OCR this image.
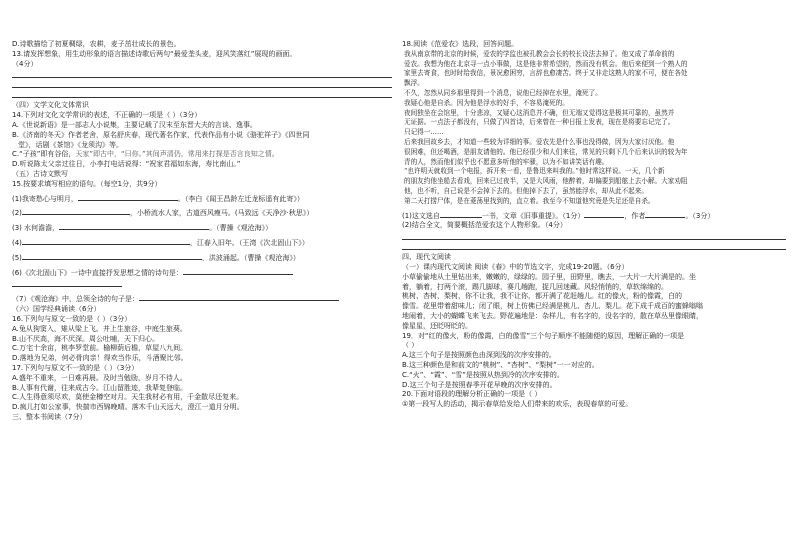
D.诗歌描绘了初夏稠绿，农耕，麦子茁壮成长的景色。
13.请发挥想象，用生动形象的语言描述诗歌后两句“最爱垄头麦，迎风笑落红”展现的画面。
（4分）
（四）文学文化文体常识
14.下列对文化文学常识的表述，不正确的一项是（ ）（3分）
A.《世说新语》是一部志人小说集，主要记载了汉末至东晋大夫的言谈、逸事。
B.《济南的冬天》作者老舍，原名舒庆春，现代著名作家，代表作品有小说《骆驼祥子》《四世同
堂》，话剧《茶馆》《龙须沟》等。
C.“子孩”即有谷俗，天家”即古中，“曰你。”其间声清仍，常用来打探是否言良知之情。
D.听说陈太父亲过往日，小李打电话说得：“祝家君福如东海，寿比南山。”
（五）古诗文默写
15.按要求填写相应的语句。（每空1分，共9分）
(1)我寄愁心与明月，	。（李白《闻王昌龄左迁龙标遥有此寄》）
(2)	，小桥流水人家，古道西风瘦马。(马致远《天净沙·秋思》）
(3) 水何澹澹，	。（曹操《观沧海》）
(4)	，江春入旧年。（王湾《次北固山下》）
(5)	，洪波涌起。（曹操《观沧海》）
(6)《次北固山下》一诗中直接抒发思想之情的诗句是：
（7）《观沧海》中，总领全诗的句子是：
（六）国学经典诵读（6分）
16.下列句与原文一致的是（ ）（3分）
A.兔从狗窦入，雉从梁上飞。井上生旅谷，中庭生旅葵。
B.山不厌高，海不厌深。周公吐哺，天下归心。
C.万宅十余亩，桃李罗堂前。榆柳荫后檐，草屋八九间。
D.落地为兄弟，何必骨肉亲！得欢当作乐，斗酒聚比邻。
17.下列句与原文不一致的是（ ）（3分）
A.盛年不重来，一日难再晨。及时当勉励，岁月不待人。
B.人事有代谢，往来成古今。江山留胜迹，我辈复登临。
C.人生得意须尽欢，莫使金樽空对月。天生我材必有用，千金散尽还复来。
D.疯儿打如公家事，快揣市西锦晚晴。落木千山天远大，澄江一道月分明。
三、整本书阅读（7分）
18.阅读《范爱农》选段，回答问题。
我从南京带的北京的时候，爱农的学监也被孔教会会长的校长设法去掉了。他又成了革命前的
爱农。我想为他在北京寻一点小事做，这是他非常希望的，然而没有机会。他后来便到一个熟人的
家里去寄食，也时时给我信，景况愈困穷，言辞也愈凄苦。终于又非走这熟人的家不可，便在各处
飘浮。
不久，忽然从同乡那里得到一个消息，说他已经掉在水里，淹死了。
我疑心他是自杀。因为他是浮水的好手，不容易淹死的。
夜间独坐在会馆里，十分悲凉，又疑心这消息并不确，但无端又觉得这是极其可靠的，虽然并
无证据。一点法子都没有，只做了四首诗，后来曾在一种日报上发表，现在是将要忘记完了。
只记得一……
后来我回故乡去，才知道一些较为详细的事。爱农先是什么事也没得做，因为大家讨厌他。他
很困难，但还喝酒，是朋友请他的。他已经很少和人们来往，常见的只剩下几个后来认识的较为年
青的人，然而他们似乎也不愿意多听他的牢骚，以为不如讲笑话有趣。
“也许明天就收到一个电报，拆开来一看，是鲁迅来叫我的。”他时常这样说。一天，几个新
的朋友约他坐船去看戏，回来已过夜半，又是大风雨，他醉着，却偏要到船舷上去小解。大家劝阻
他，也不听，自己说是不会掉下去的。但他掉下去了，虽然能浮水，却从此不起来。
第二天打捞尸体，是在菱荡里找到的，直立着。我至今不知道他究竟是失足还是自杀。
(1)这文选自	一书，文章《旧事重提》。（1分）	，作者	。（3分）
(2)结合全文，简要概括范爱农这个人物形象。（4分）
四、现代文阅读
（一）课内现代文阅读 阅读《春》中的节选文字，完成19-20题。（6分）
小草偷偷地从土里钻出来，嫩嫩的，绿绿的。园子里，田野里，瞧去，一大片一大片满是的。坐
着，躺着，打两个滚，踢几脚球，赛几趟跑，捉几回迷藏。风轻悄悄的，草软绵绵的。
桃树、杏树、梨树，你不让我，我不让你，都开满了花赶趟儿。红的像火，粉的像霞，白的
像雪。花里带着甜味儿；闭了眼，树上仿佛已经满是桃儿、杏儿、梨儿。花下成千成百的蜜蜂嗡嗡
地闹着，大小的蝴蝶飞来飞去。野花遍地是：杂样儿，有名字的，没名字的，散在草丛里像眼睛，
像星星，还眨呀眨的。
19．对“红的像火，粉的像霞，白的像雪”三个句子顺序不能随便的原因，理解正确的一项是
（ ）
A.这三个句子是按照颜色由深到浅的次序安排的。
B.这三种颜色是和前文的“桃树”、“杏树”、“梨树”一一对应的。
C.“火”、“霞”、“雪”是按照从热到冷的次序安排的。
D.这三个句子是按照春季开花早晚的次序安排的。
20.下面对语段的理解分析正确的一项是（ ）
①第一段写人的活动，揭示春草给发给人们带来的欢乐，表现春草的可爱。
